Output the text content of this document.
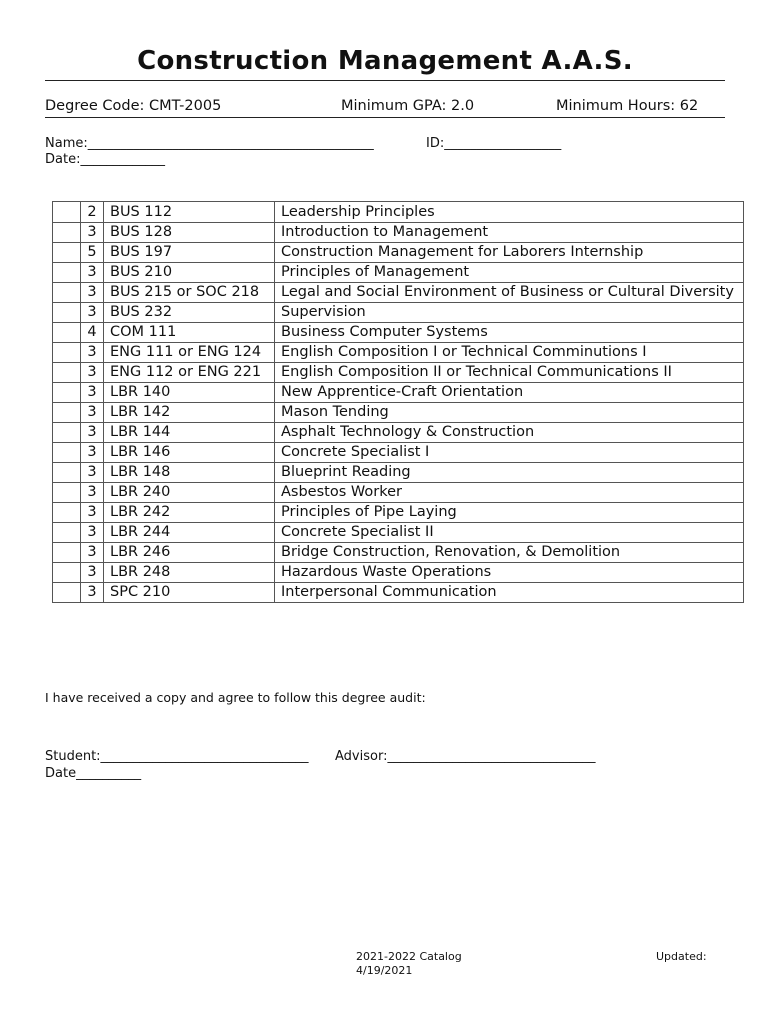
Construction Management A.A.S.
Degree Code: CMT-2005	Minimum GPA: 2.0	Minimum Hours: 62
Name:____________________________________________	ID:__________________
Date:_____________
	2	BUS 112	Leadership Principles
	3	BUS 128	Introduction to Management
	5	BUS 197	Construction Management for Laborers Internship
	3	BUS 210	Principles of Management
	3	BUS 215 or SOC 218	Legal and Social Environment of Business or Cultural Diversity
	3	BUS 232	Supervision
	4	COM 111	Business Computer Systems
	3	ENG 111 or ENG 124	English Composition I or Technical Comminutions I
	3	ENG 112 or ENG 221	English Composition II or Technical Communications II
	3	LBR 140	New Apprentice-Craft Orientation
	3	LBR 142	Mason Tending
	3	LBR 144	Asphalt Technology & Construction
	3	LBR 146	Concrete Specialist I
	3	LBR 148	Blueprint Reading
	3	LBR 240	Asbestos Worker
	3	LBR 242	Principles of Pipe Laying
	3	LBR 244	Concrete Specialist II
	3	LBR 246	Bridge Construction, Renovation, & Demolition
	3	LBR 248	Hazardous Waste Operations
	3	SPC 210	Interpersonal Communication
I have received a copy and agree to follow this degree audit:
Student:________________________________ Advisor:________________________________
Date__________
2021-2022 Catalog
4/19/2021
Updated:
